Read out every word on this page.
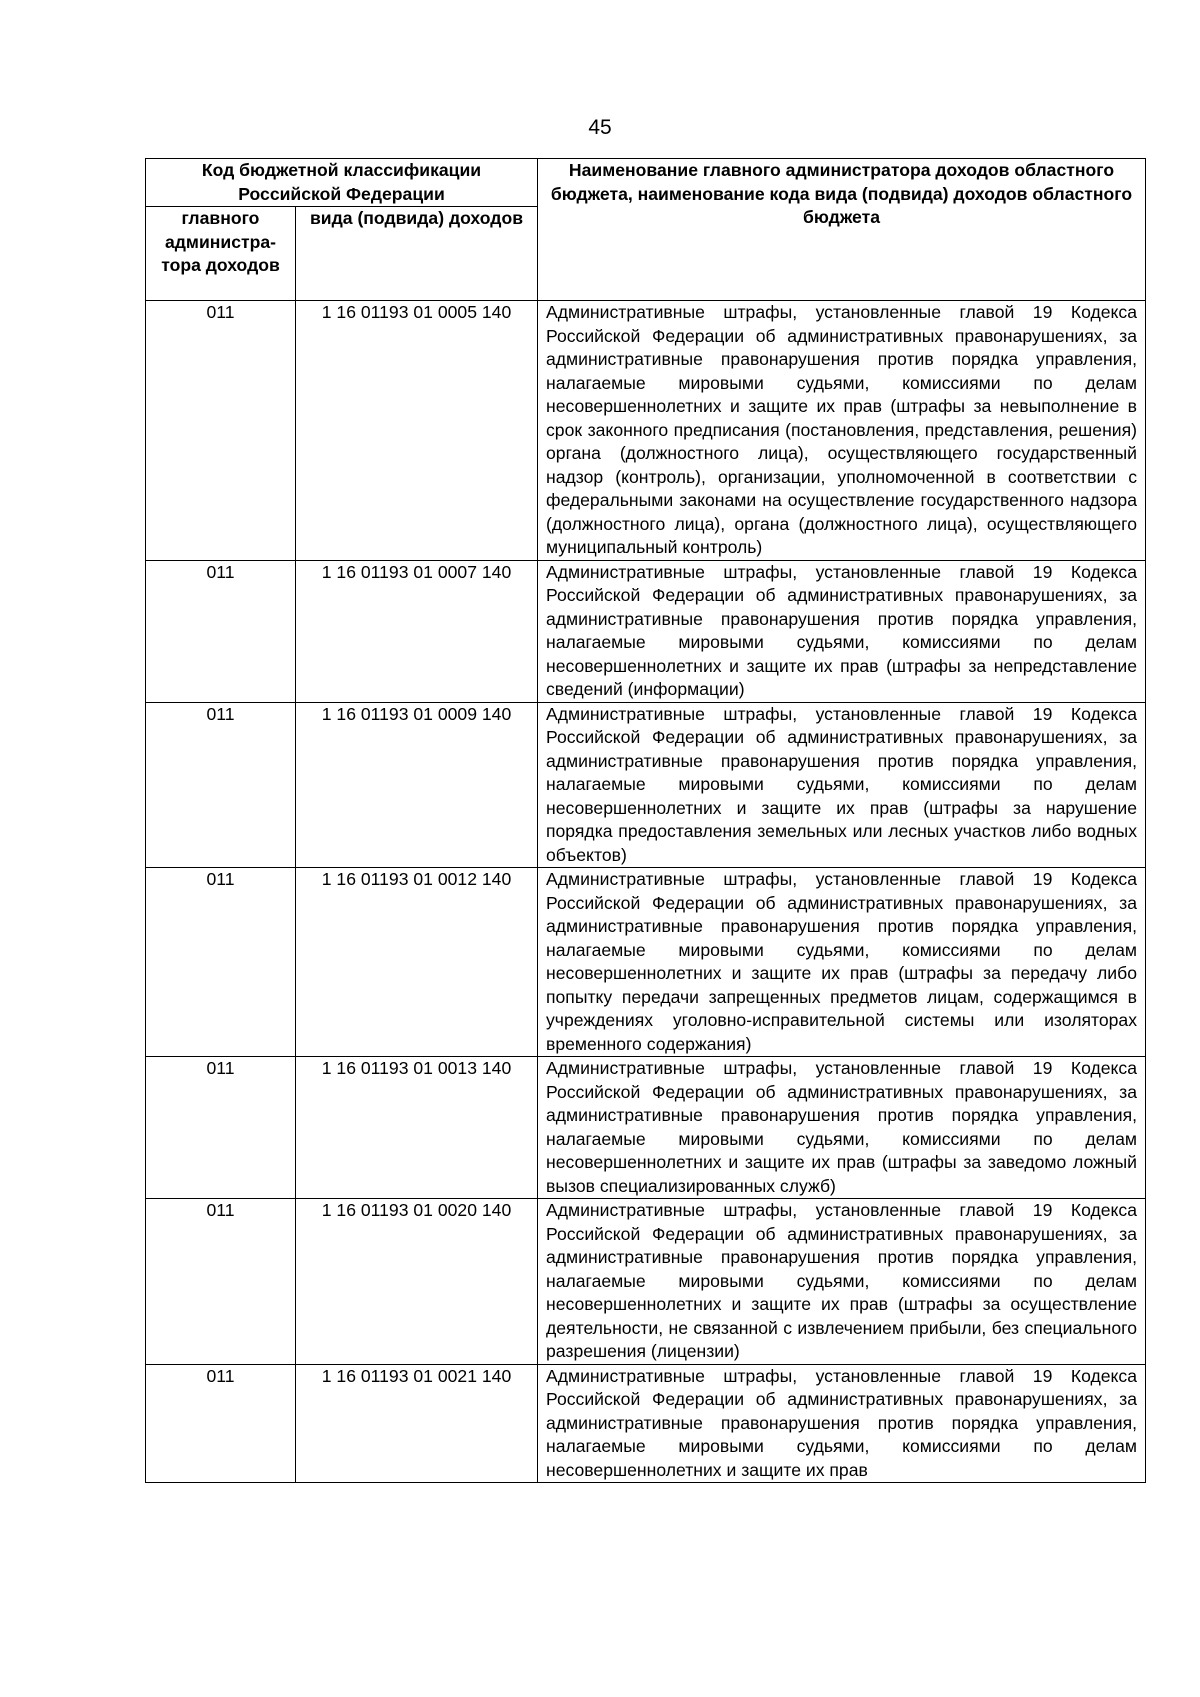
45
Код бюджетной классификации Российской Федерации		Наименование главного администратора доходов областного бюджета, наименование кода вида (подвида) доходов областного бюджета
главного администра-тора доходов	вида (подвида) доходов	
011	1 16 01193 01 0005 140	Административные штрафы, установленные главой 19 Кодекса Российской Федерации об административных правонарушениях, за административные правонарушения против порядка управления, налагаемые мировыми судьями, комиссиями по делам несовершеннолетних и защите их прав (штрафы за невыполнение в срок законного предписания (постановления, представления, решения) органа (должностного лица), осуществляющего государственный надзор (контроль), организации, уполномоченной в соответствии с федеральными законами на осуществление государственного надзора (должностного лица), органа (должностного лица), осуществляющего муниципальный контроль)
011	1 16 01193 01 0007 140	Административные штрафы, установленные главой 19 Кодекса Российской Федерации об административных правонарушениях, за административные правонарушения против порядка управления, налагаемые мировыми судьями, комиссиями по делам несовершеннолетних и защите их прав (штрафы за непредставление сведений (информации)
011	1 16 01193 01 0009 140	Административные штрафы, установленные главой 19 Кодекса Российской Федерации об административных правонарушениях, за административные правонарушения против порядка управления, налагаемые мировыми судьями, комиссиями по делам несовершеннолетних и защите их прав (штрафы за нарушение порядка предоставления земельных или лесных участков либо водных объектов)
011	1 16 01193 01 0012 140	Административные штрафы, установленные главой 19 Кодекса Российской Федерации об административных правонарушениях, за административные правонарушения против порядка управления, налагаемые мировыми судьями, комиссиями по делам несовершеннолетних и защите их прав (штрафы за передачу либо попытку передачи запрещенных предметов лицам, содержащимся в учреждениях уголовно-исправительной системы или изоляторах временного содержания)
011	1 16 01193 01 0013 140	Административные штрафы, установленные главой 19 Кодекса Российской Федерации об административных правонарушениях, за административные правонарушения против порядка управления, налагаемые мировыми судьями, комиссиями по делам несовершеннолетних и защите их прав (штрафы за заведомо ложный вызов специализированных служб)
011	1 16 01193 01 0020 140	Административные штрафы, установленные главой 19 Кодекса Российской Федерации об административных правонарушениях, за административные правонарушения против порядка управления, налагаемые мировыми судьями, комиссиями по делам несовершеннолетних и защите их прав (штрафы за осуществление деятельности, не связанной с извлечением прибыли, без специального разрешения (лицензии)
011	1 16 01193 01 0021 140	Административные штрафы, установленные главой 19 Кодекса Российской Федерации об административных правонарушениях, за административные правонарушения против порядка управления, налагаемые мировыми судьями, комиссиями по делам несовершеннолетних и защите их прав
